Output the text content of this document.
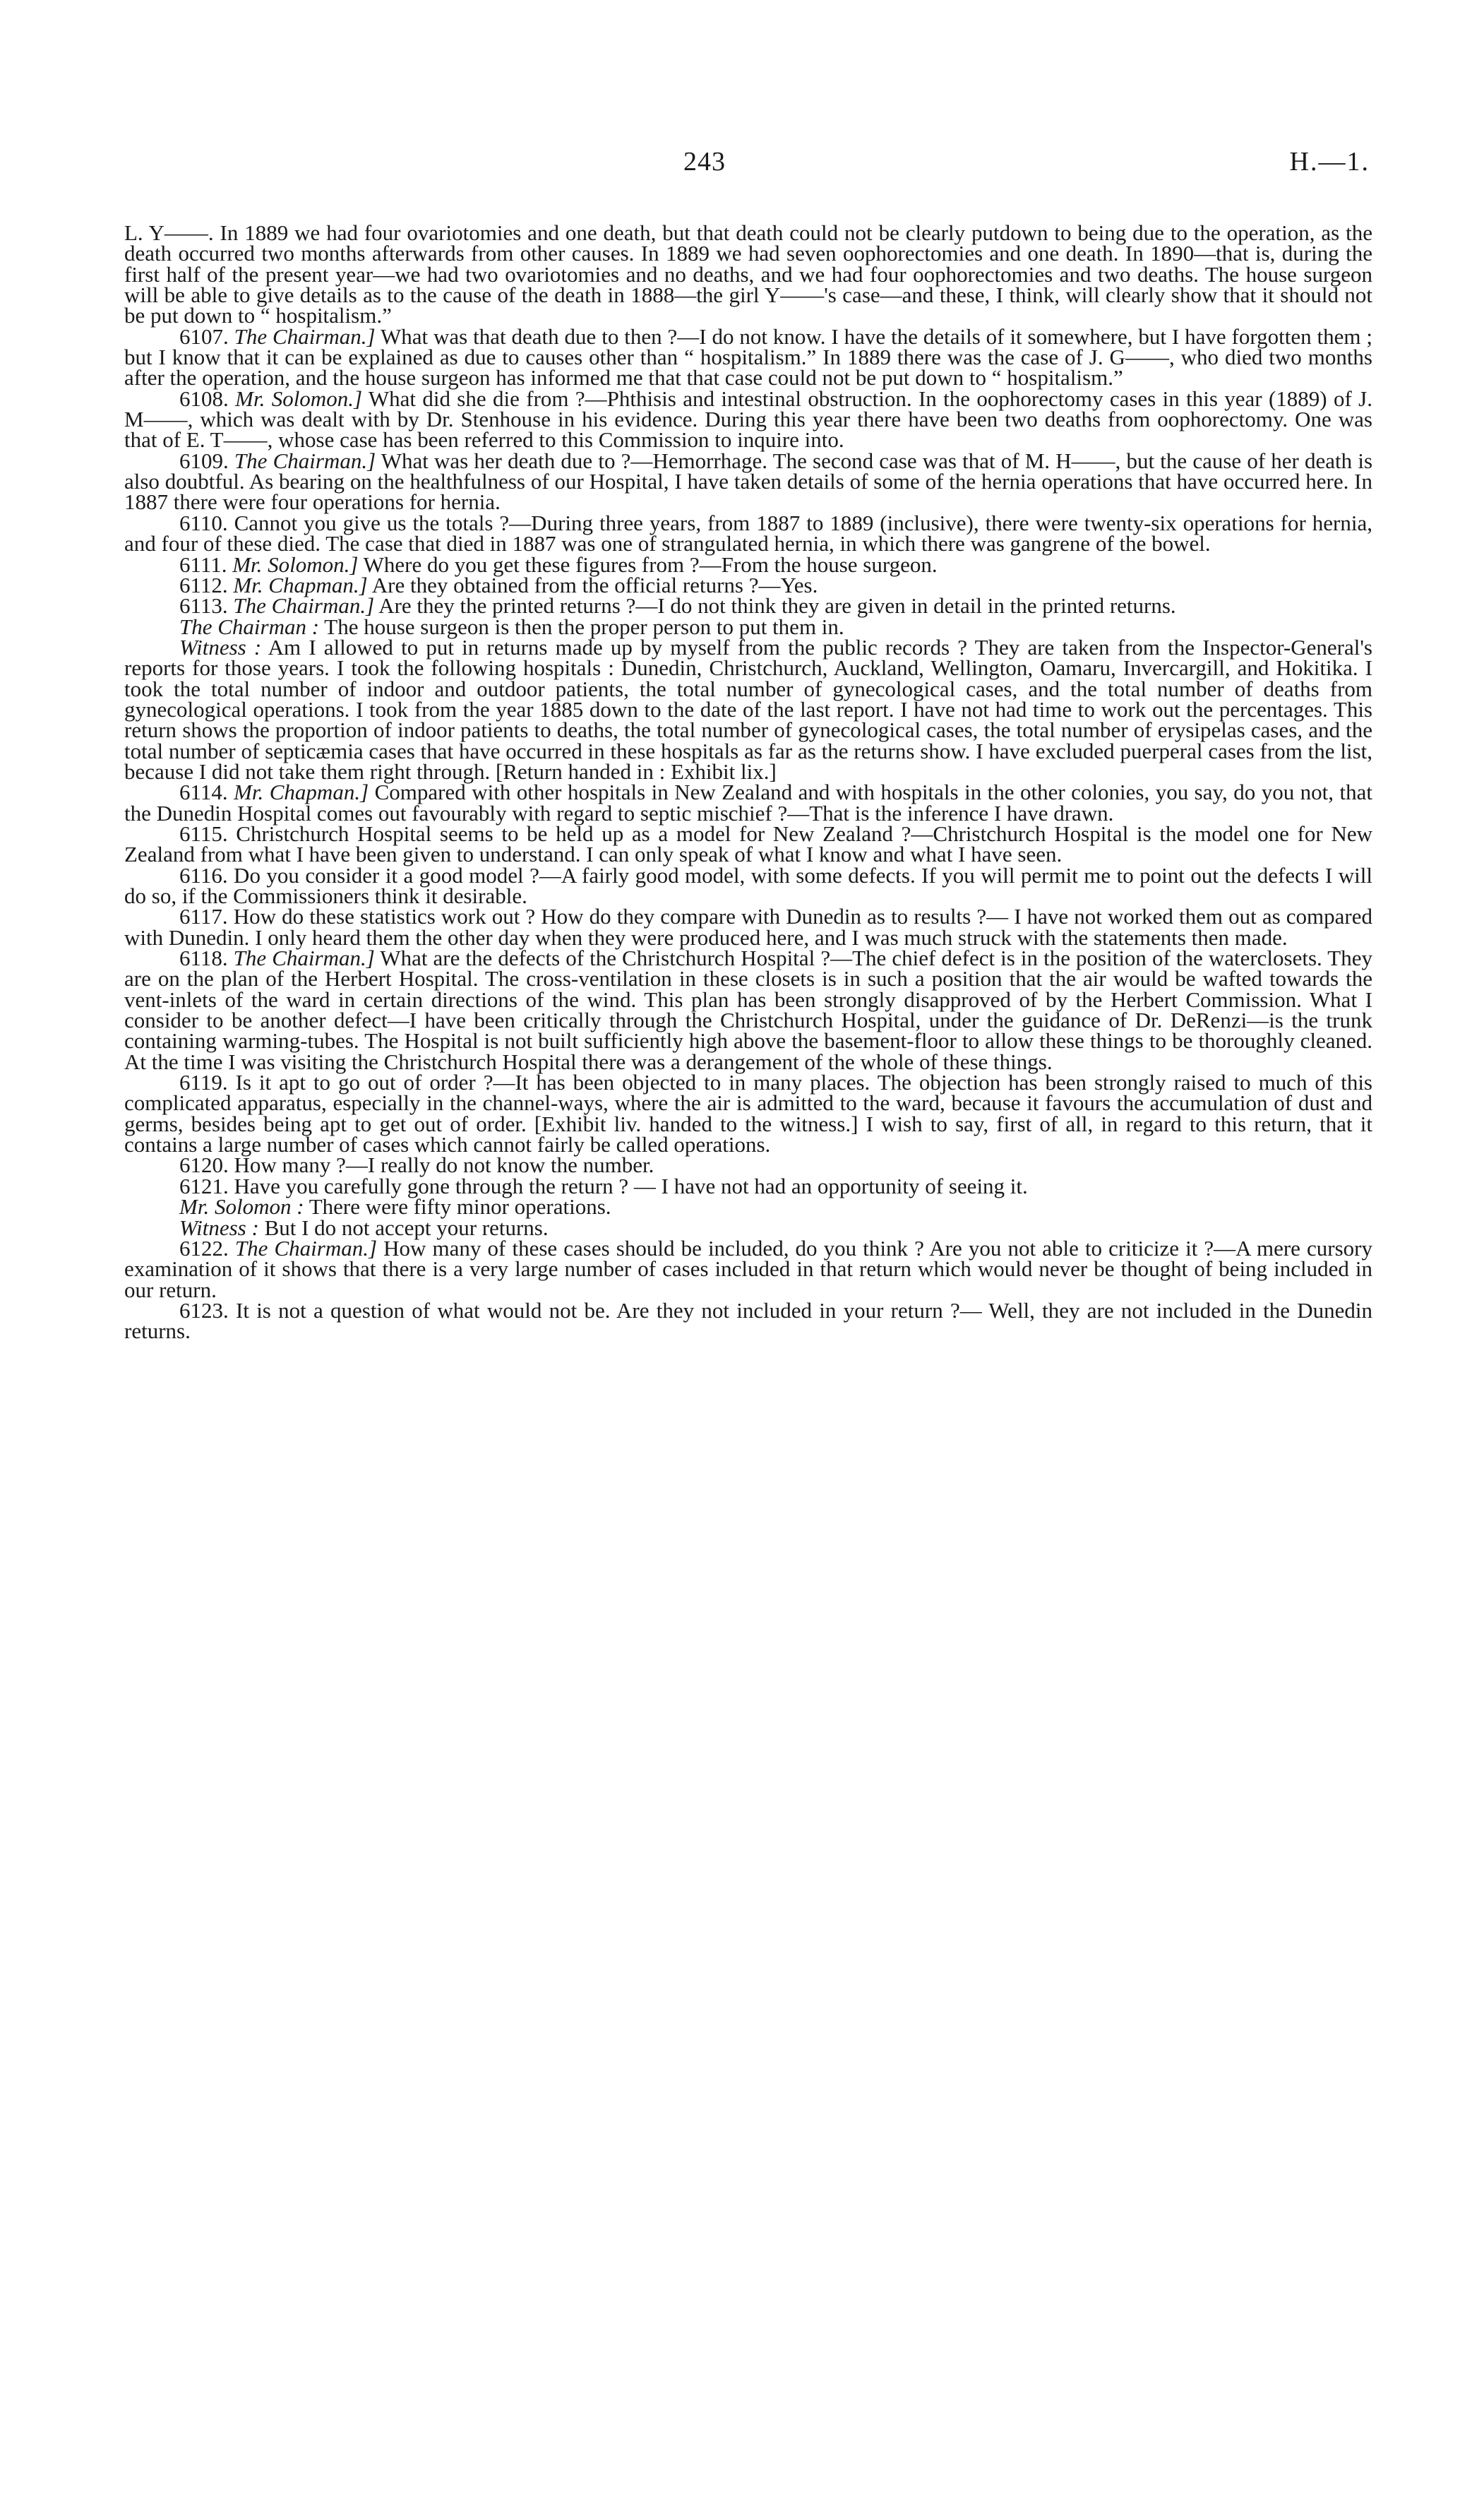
243	H.—1.

L. Y——. In 1889 we had four ovariotomies and one death, but that death could not be clearly putdown to being due to the operation, as the death occurred two months afterwards from other causes. In 1889 we had seven oophorectomies and one death. In 1890—that is, during the first half of the present year—we had two ovariotomies and no deaths, and we had four oophorectomies and two deaths. The house surgeon will be able to give details as to the cause of the death in 1888—the girl Y——'s case—and these, I think, will clearly show that it should not be put down to “ hospitalism.”

6107. The Chairman.] What was that death due to then ?—I do not know. I have the details of it somewhere, but I have forgotten them ; but I know that it can be explained as due to causes other than “ hospitalism.” In 1889 there was the case of J. G——, who died two months after the operation, and the house surgeon has informed me that that case could not be put down to “ hospitalism.”

6108. Mr. Solomon.] What did she die from ?—Phthisis and intestinal obstruction. In the oophorectomy cases in this year (1889) of J. M——, which was dealt with by Dr. Stenhouse in his evidence. During this year there have been two deaths from oophorectomy. One was that of E. T——, whose case has been referred to this Commission to inquire into.

6109. The Chairman.] What was her death due to ?—Hemorrhage. The second case was that of M. H——, but the cause of her death is also doubtful. As bearing on the healthfulness of our Hospital, I have taken details of some of the hernia operations that have occurred here. In 1887 there were four operations for hernia.

6110. Cannot you give us the totals ?—During three years, from 1887 to 1889 (inclusive), there were twenty-six operations for hernia, and four of these died. The case that died in 1887 was one of strangulated hernia, in which there was gangrene of the bowel.

6111. Mr. Solomon.] Where do you get these figures from ?—From the house surgeon.

6112. Mr. Chapman.] Are they obtained from the official returns ?—Yes.

6113. The Chairman.] Are they the printed returns ?—I do not think they are given in detail in the printed returns.

The Chairman : The house surgeon is then the proper person to put them in.

Witness : Am I allowed to put in returns made up by myself from the public records ? They are taken from the Inspector-General's reports for those years. I took the following hospitals : Dunedin, Christchurch, Auckland, Wellington, Oamaru, Invercargill, and Hokitika. I took the total number of indoor and outdoor patients, the total number of gynecological cases, and the total number of deaths from gynecological operations. I took from the year 1885 down to the date of the last report. I have not had time to work out the percentages. This return shows the proportion of indoor patients to deaths, the total number of gynecological cases, the total number of erysipelas cases, and the total number of septicæmia cases that have occurred in these hospitals as far as the returns show. I have excluded puerperal cases from the list, because I did not take them right through. [Return handed in : Exhibit lix.]

6114. Mr. Chapman.] Compared with other hospitals in New Zealand and with hospitals in the other colonies, you say, do you not, that the Dunedin Hospital comes out favourably with regard to septic mischief ?—That is the inference I have drawn.

6115. Christchurch Hospital seems to be held up as a model for New Zealand ?—Christchurch Hospital is the model one for New Zealand from what I have been given to understand. I can only speak of what I know and what I have seen.

6116. Do you consider it a good model ?—A fairly good model, with some defects. If you will permit me to point out the defects I will do so, if the Commissioners think it desirable.

6117. How do these statistics work out ? How do they compare with Dunedin as to results ?— I have not worked them out as compared with Dunedin. I only heard them the other day when they were produced here, and I was much struck with the statements then made.

6118. The Chairman.] What are the defects of the Christchurch Hospital ?—The chief defect is in the position of the waterclosets. They are on the plan of the Herbert Hospital. The cross-ventilation in these closets is in such a position that the air would be wafted towards the vent-inlets of the ward in certain directions of the wind. This plan has been strongly disapproved of by the Herbert Commission. What I consider to be another defect—I have been critically through the Christchurch Hospital, under the guidance of Dr. DeRenzi—is the trunk containing warming-tubes. The Hospital is not built sufficiently high above the basement-floor to allow these things to be thoroughly cleaned. At the time I was visiting the Christchurch Hospital there was a derangement of the whole of these things.

6119. Is it apt to go out of order ?—It has been objected to in many places. The objection has been strongly raised to much of this complicated apparatus, especially in the channel-ways, where the air is admitted to the ward, because it favours the accumulation of dust and germs, besides being apt to get out of order. [Exhibit liv. handed to the witness.] I wish to say, first of all, in regard to this return, that it contains a large number of cases which cannot fairly be called operations.

6120. How many ?—I really do not know the number.

6121. Have you carefully gone through the return ? — I have not had an opportunity of seeing it.

Mr. Solomon : There were fifty minor operations.

Witness : But I do not accept your returns.

6122. The Chairman.] How many of these cases should be included, do you think ? Are you not able to criticize it ?—A mere cursory examination of it shows that there is a very large number of cases included in that return which would never be thought of being included in our return.

6123. It is not a question of what would not be. Are they not included in your return ?— Well, they are not included in the Dunedin returns.
